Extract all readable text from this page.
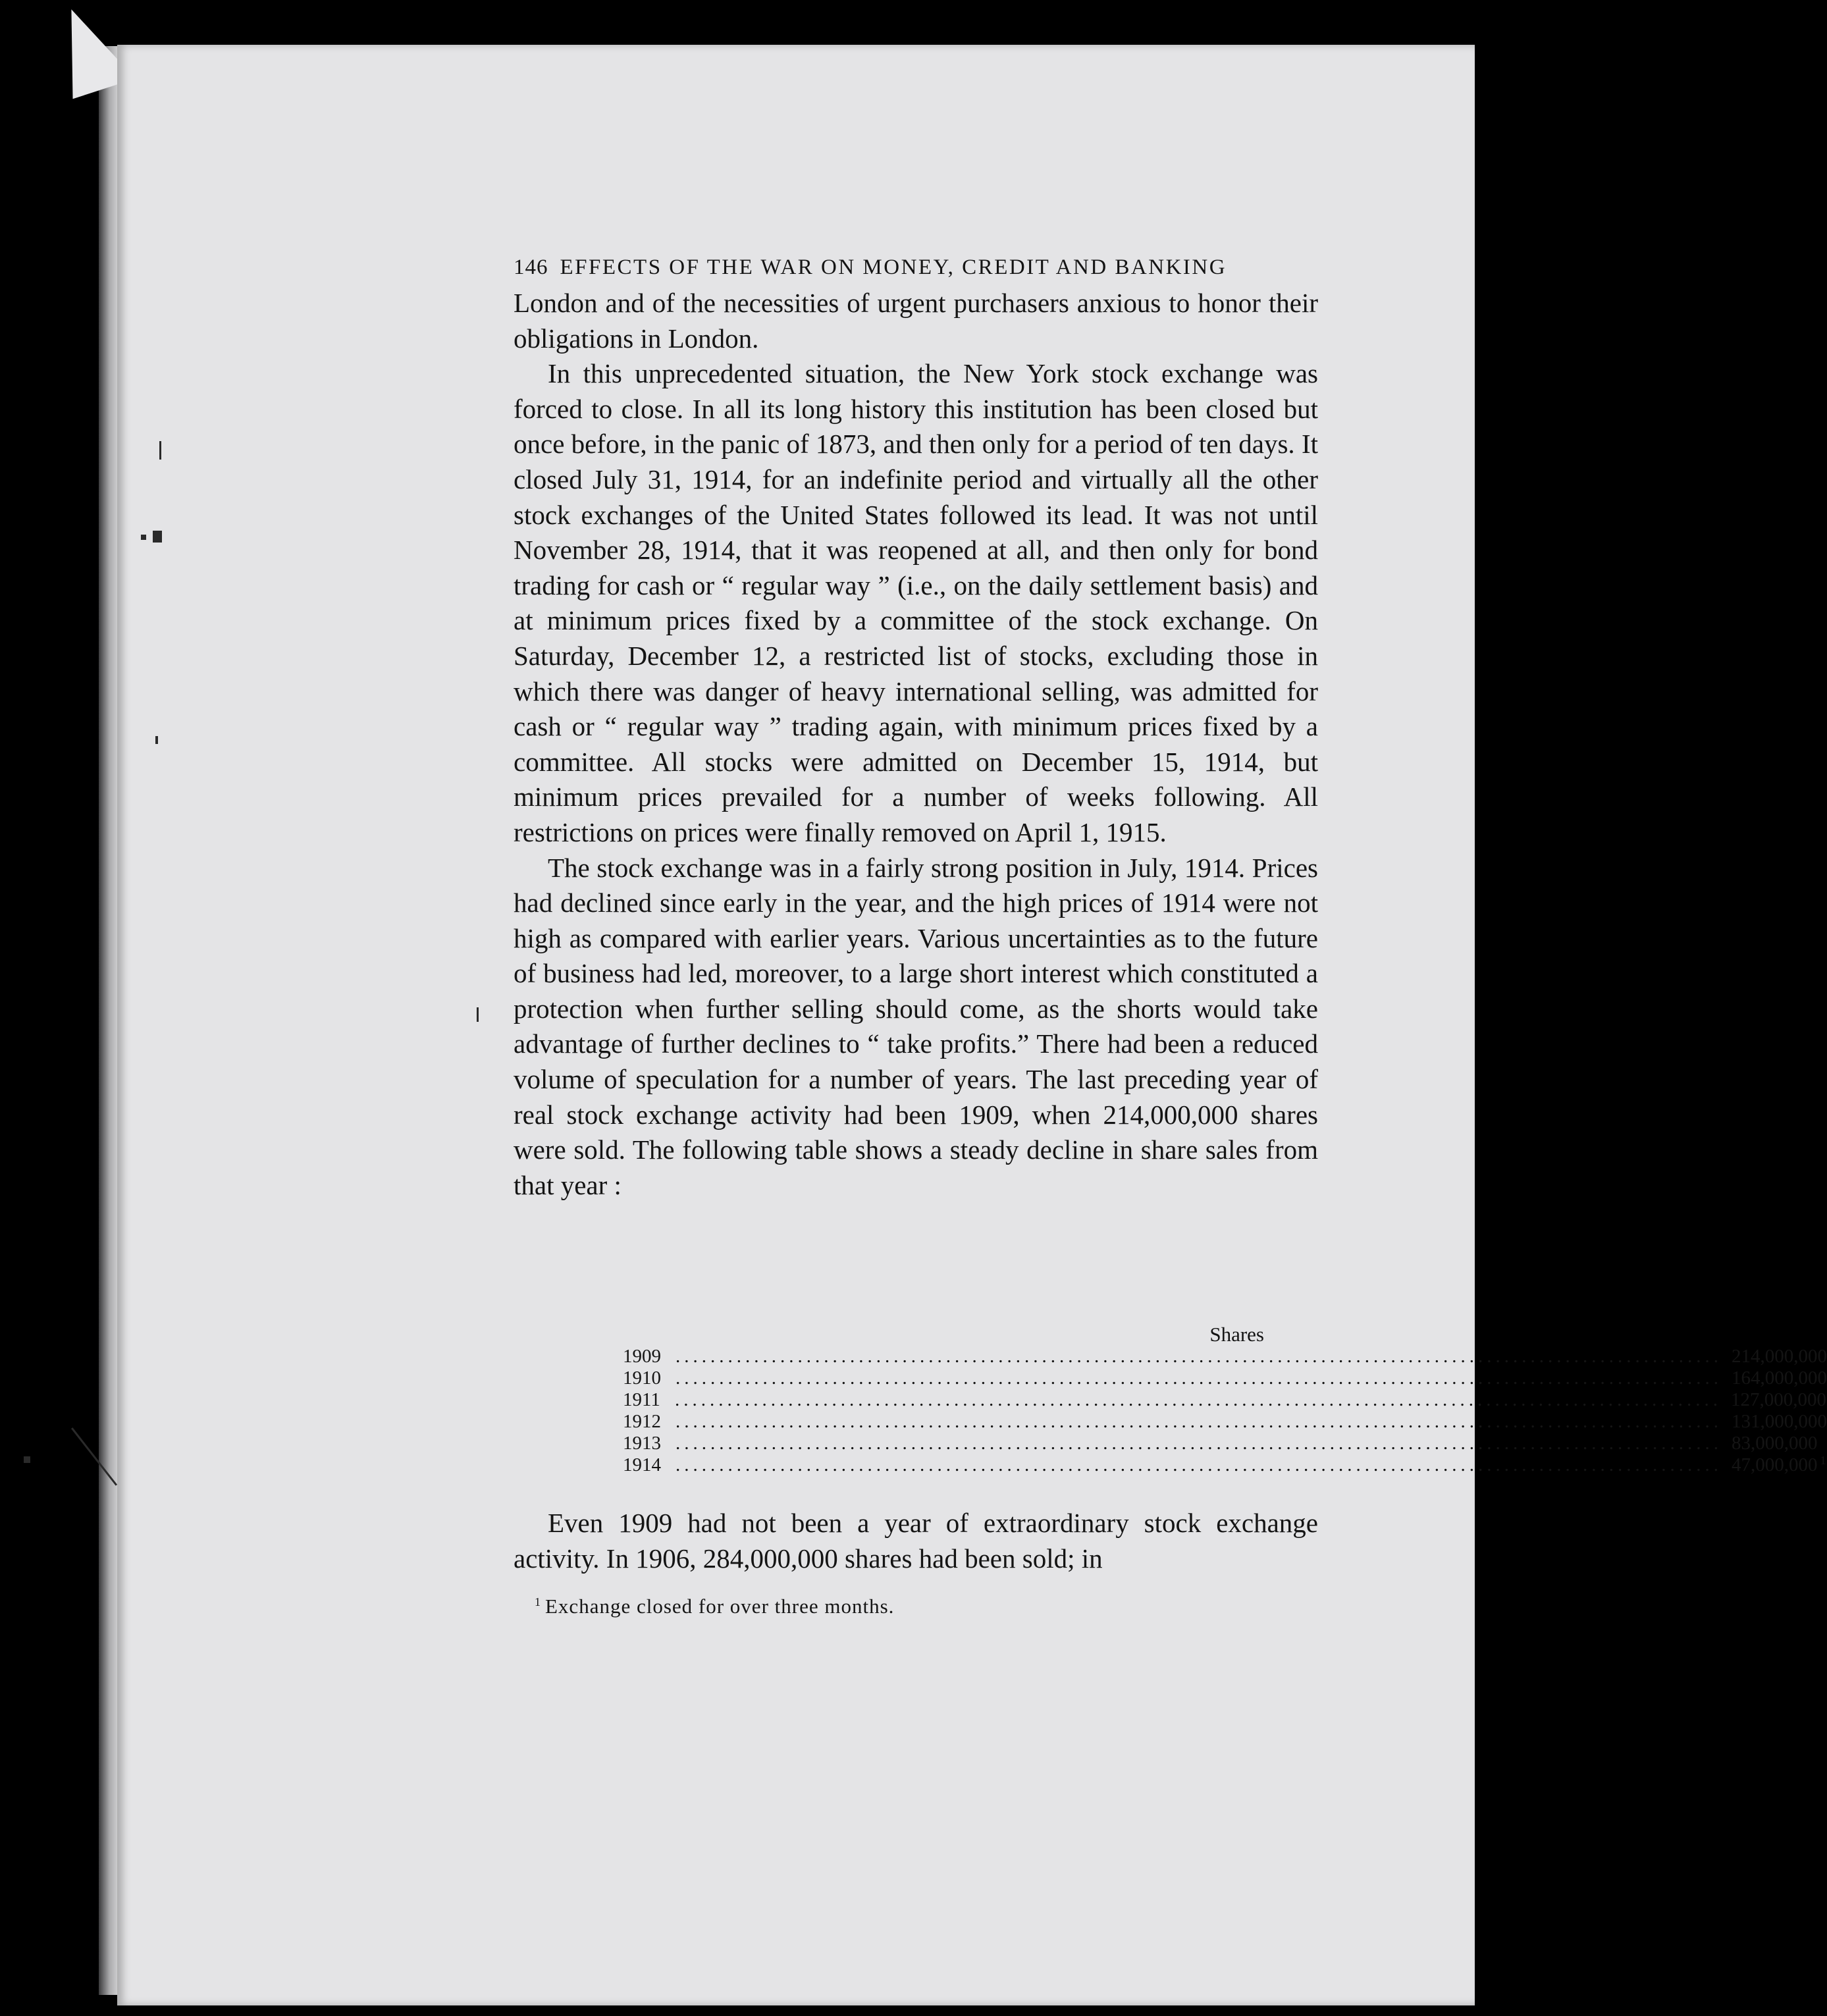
146 EFFECTS OF THE WAR ON MONEY, CREDIT AND BANKING

London and of the necessities of urgent purchasers anxious to honor their obligations in London.

In this unprecedented situation, the New York stock exchange was forced to close. In all its long history this institution has been closed but once before, in the panic of 1873, and then only for a period of ten days. It closed July 31, 1914, for an indefinite period and virtually all the other stock exchanges of the United States followed its lead. It was not until November 28, 1914, that it was reopened at all, and then only for bond trading for cash or “ regular way ” (i.e., on the daily settlement basis) and at minimum prices fixed by a committee of the stock exchange. On Saturday, December 12, a restricted list of stocks, excluding those in which there was danger of heavy international selling, was admitted for cash or “ regular way ” trading again, with minimum prices fixed by a committee. All stocks were admitted on December 15, 1914, but minimum prices prevailed for a number of weeks following. All restrictions on prices were finally removed on April 1, 1915.

The stock exchange was in a fairly strong position in July, 1914. Prices had declined since early in the year, and the high prices of 1914 were not high as compared with earlier years. Various uncertainties as to the future of business had led, moreover, to a large short interest which constituted a protection when further selling should come, as the shorts would take advantage of further declines to “ take profits.” There had been a reduced volume of speculation for a number of years. The last preceding year of real stock exchange activity had been 1909, when 214,000,000 shares were sold. The following table shows a steady decline in share sales from that year :

Shares
1909 ........................................................................................................................ 214,000,000
1910 ........................................................................................................................ 164,000,000
1911 ........................................................................................................................ 127,000,000
1912 ........................................................................................................................ 131,000,000
1913 ........................................................................................................................ 83,000,000
1914 ........................................................................................................................ 47,000,000 1

Even 1909 had not been a year of extraordinary stock exchange activity. In 1906, 284,000,000 shares had been sold; in

$^1$ Exchange closed for over three months.
